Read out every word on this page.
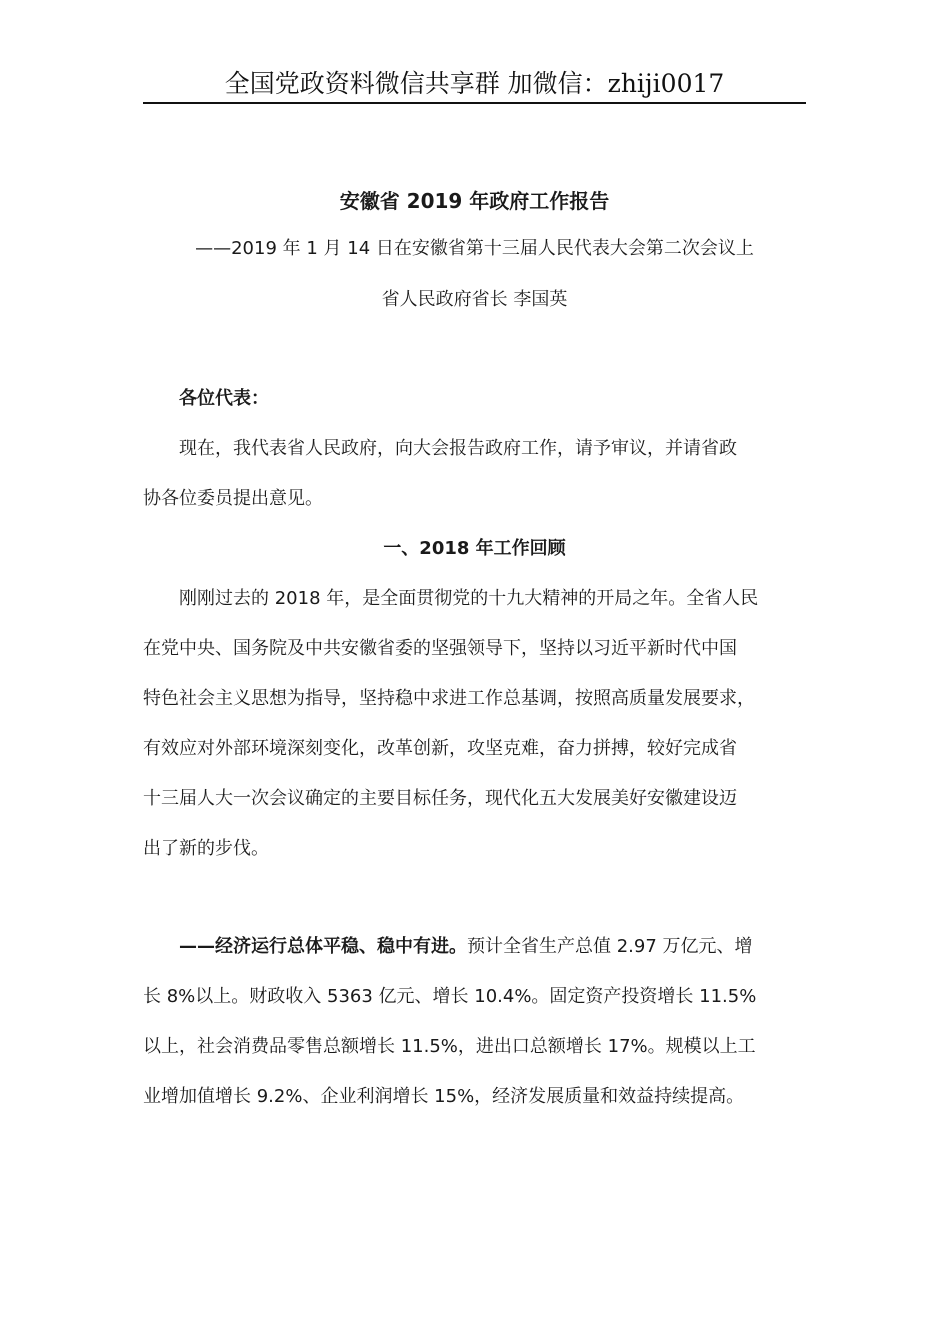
全国党政资料微信共享群 加微信：zhiji0017
安徽省 2019 年政府工作报告
——2019 年 1 月 14 日在安徽省第十三届人民代表大会第二次会议上
省人民政府省长 李国英
各位代表：
现在，我代表省人民政府，向大会报告政府工作，请予审议，并请省政
协各位委员提出意见。
一、2018 年工作回顾
刚刚过去的 2018 年，是全面贯彻党的十九大精神的开局之年。全省人民
在党中央、国务院及中共安徽省委的坚强领导下，坚持以习近平新时代中国
特色社会主义思想为指导，坚持稳中求进工作总基调，按照高质量发展要求，
有效应对外部环境深刻变化，改革创新，攻坚克难，奋力拼搏，较好完成省
十三届人大一次会议确定的主要目标任务，现代化五大发展美好安徽建设迈
出了新的步伐。
——经济运行总体平稳、稳中有进。预计全省生产总值 2.97 万亿元、增
长 8%以上。财政收入 5363 亿元、增长 10.4%。固定资产投资增长 11.5%
以上，社会消费品零售总额增长 11.5%，进出口总额增长 17%。规模以上工
业增加值增长 9.2%、企业利润增长 15%，经济发展质量和效益持续提高。
